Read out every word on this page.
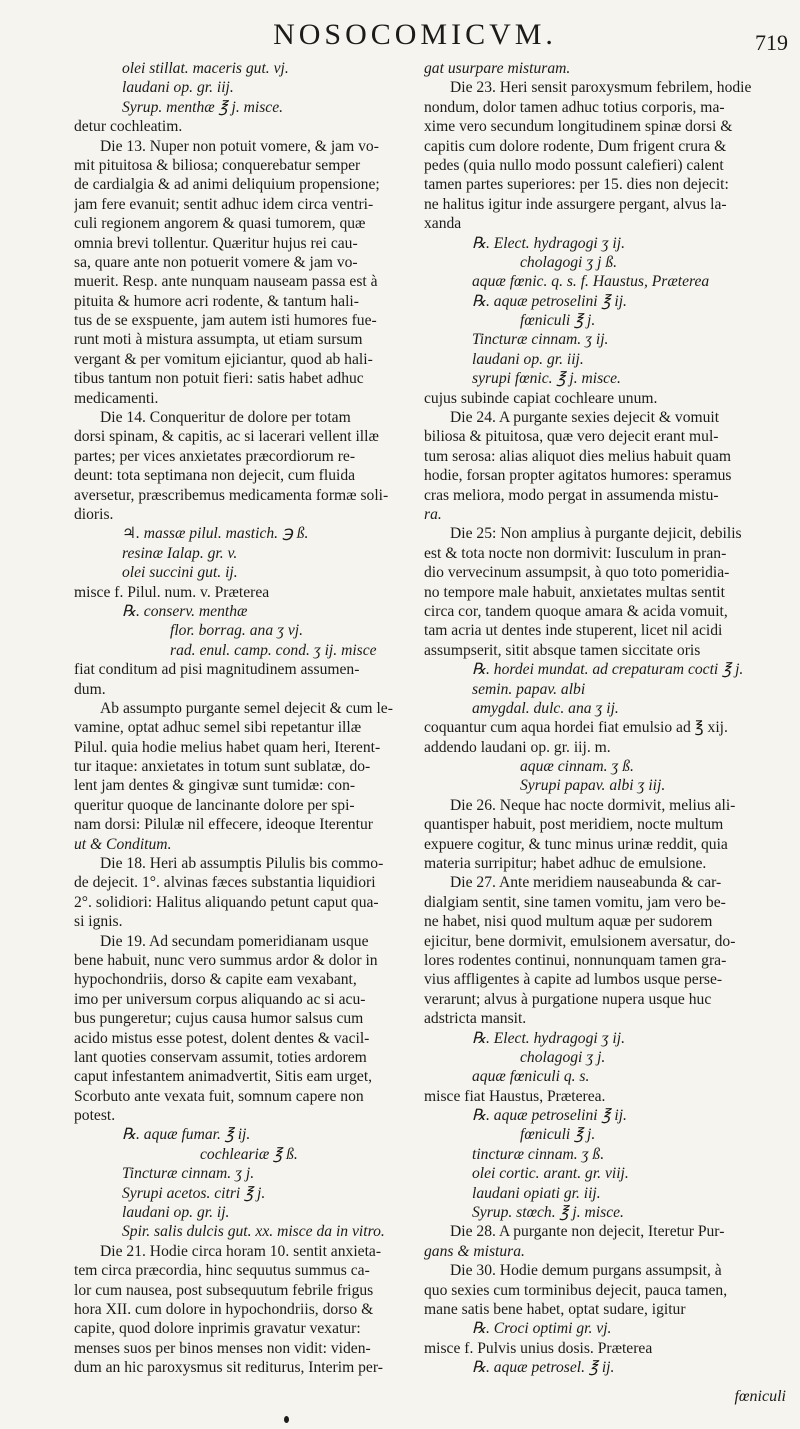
NOSOCOMICVM.	719
olei stillat. maceris gut. vj.
laudani op. gr. iij.
Syrup. menthæ ℥ j. misce.
detur cochleatim.
Die 13. Nuper non potuit vomere, & jam vo-
mit pituitosa & biliosa; conquerebatur semper
de cardialgia & ad animi deliquium propensione;
jam fere evanuit; sentit adhuc idem circa ventri-
culi regionem angorem & quasi tumorem, quæ
omnia brevi tollentur. Quæritur hujus rei cau-
sa, quare ante non potuerit vomere & jam vo-
muerit. Resp. ante nunquam nauseam passa est à
pituita & humore acri rodente, & tantum hali-
tus de se exspuente, jam autem isti humores fue-
runt moti à mistura assumpta, ut etiam sursum
vergant & per vomitum ejiciantur, quod ab hali-
tibus tantum non potuit fieri: satis habet adhuc
medicamenti.
Die 14. Conqueritur de dolore per totam
dorsi spinam, & capitis, ac si lacerari vellent illæ
partes; per vices anxietates præcordiorum re-
deunt: tota septimana non dejecit, cum fluida
aversetur, præscribemus medicamenta formæ soli-
dioris.
♃. massæ pilul. mastich. ℈ ß.
resinæ Ialap. gr. v.
olei succini gut. ij.
misce f. Pilul. num. v. Præterea
℞. conserv. menthæ
flor. borrag. ana ʒ vj.
rad. enul. camp. cond. ʒ ij. misce
fiat conditum ad pisi magnitudinem assumen-
dum.
Ab assumpto purgante semel dejecit & cum le-
vamine, optat adhuc semel sibi repetantur illæ
Pilul. quia hodie melius habet quam heri, Iterent-
tur itaque: anxietates in totum sunt sublatæ, do-
lent jam dentes & gingivæ sunt tumidæ: con-
queritur quoque de lancinante dolore per spi-
nam dorsi: Pilulæ nil effecere, ideoque Iterentur
ut & Conditum.
Die 18. Heri ab assumptis Pilulis bis commo-
de dejecit. 1°. alvinas fæces substantia liquidiori
2°. solidiori: Halitus aliquando petunt caput qua-
si ignis.
Die 19. Ad secundam pomeridianam usque
bene habuit, nunc vero summus ardor & dolor in
hypochondriis, dorso & capite eam vexabant,
imo per universum corpus aliquando ac si acu-
bus pungeretur; cujus causa humor salsus cum
acido mistus esse potest, dolent dentes & vacil-
lant quoties conservam assumit, toties ardorem
caput infestantem animadvertit, Sitis eam urget,
Scorbuto ante vexata fuit, somnum capere non
potest.
℞. aquæ fumar. ℥ ij.
cochleariæ ℥ ß.
Tincturæ cinnam. ʒ j.
Syrupi acetos. citri ℥ j.
laudani op. gr. ij.
Spir. salis dulcis gut. xx. misce da in vitro.
Die 21. Hodie circa horam 10. sentit anxieta-
tem circa præcordia, hinc sequutus summus ca-
lor cum nausea, post subsequutum febrile frigus
hora XII. cum dolore in hypochondriis, dorso &
capite, quod dolore inprimis gravatur vexatur:
menses suos per binos menses non vidit: viden-
dum an hic paroxysmus sit rediturus, Interim per-
gat usurpare misturam.
Die 23. Heri sensit paroxysmum febrilem, hodie
nondum, dolor tamen adhuc totius corporis, ma-
xime vero secundum longitudinem spinæ dorsi &
capitis cum dolore rodente, Dum frigent crura &
pedes (quia nullo modo possunt calefieri) calent
tamen partes superiores: per 15. dies non dejecit:
ne halitus igitur inde assurgere pergant, alvus la-
xanda
℞. Elect. hydragogi ʒ ij.
cholagogi ʒ j ß.
aquæ fœnic. q. s. f. Haustus, Præterea
℞. aquæ petroselini ℥ ij.
fœniculi ℥ j.
Tincturæ cinnam. ʒ ij.
laudani op. gr. iij.
syrupi fœnic. ℥ j. misce.
cujus subinde capiat cochleare unum.
Die 24. A purgante sexies dejecit & vomuit
biliosa & pituitosa, quæ vero dejecit erant mul-
tum serosa: alias aliquot dies melius habuit quam
hodie, forsan propter agitatos humores: speramus
cras meliora, modo pergat in assumenda mistu-
ra.
Die 25: Non amplius à purgante dejicit, debilis
est & tota nocte non dormivit: Iusculum in pran-
dio vervecinum assumpsit, à quo toto pomeridia-
no tempore male habuit, anxietates multas sentit
circa cor, tandem quoque amara & acida vomuit,
tam acria ut dentes inde stuperent, licet nil acidi
assumpserit, sitit absque tamen siccitate oris
℞. hordei mundat. ad crepaturam cocti ℥ j.
semin. papav. albi
amygdal. dulc. ana ʒ ij.
coquantur cum aqua hordei fiat emulsio ad ℥ xij.
addendo laudani op. gr. iij. m.
aquæ cinnam. ʒ ß.
Syrupi papav. albi ʒ iij.
Die 26. Neque hac nocte dormivit, melius ali-
quantisper habuit, post meridiem, nocte multum
expuere cogitur, & tunc minus urinæ reddit, quia
materia surripitur; habet adhuc de emulsione.
Die 27. Ante meridiem nauseabunda & car-
dialgiam sentit, sine tamen vomitu, jam vero be-
ne habet, nisi quod multum aquæ per sudorem
ejicitur, bene dormivit, emulsionem aversatur, do-
lores rodentes continui, nonnunquam tamen gra-
vius affligentes à capite ad lumbos usque perse-
verarunt; alvus à purgatione nupera usque huc
adstricta mansit.
℞. Elect. hydragogi ʒ ij.
cholagogi ʒ j.
aquæ fœniculi q. s.
misce fiat Haustus, Præterea.
℞. aquæ petroselini ℥ ij.
fœniculi ℥ j.
tincturæ cinnam. ʒ ß.
olei cortic. arant. gr. viij.
laudani opiati gr. iij.
Syrup. stœch. ℥ j. misce.
Die 28. A purgante non dejecit, Iteretur Pur-
gans & mistura.
Die 30. Hodie demum purgans assumpsit, à
quo sexies cum torminibus dejecit, pauca tamen,
mane satis bene habet, optat sudare, igitur
℞. Croci optimi gr. vj.
misce f. Pulvis unius dosis. Præterea
℞. aquæ petrosel. ℥ ij.
fœniculi
